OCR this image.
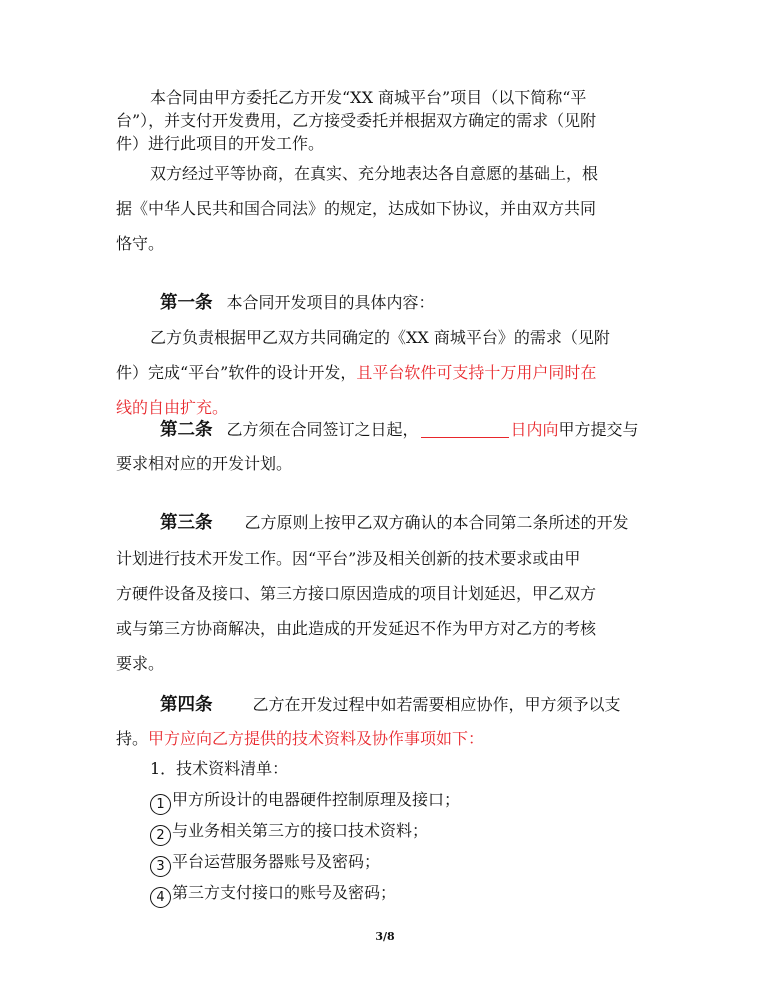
本合同由甲方委托乙方开发“XX 商城平台”项目（以下简称“平
台”），并支付开发费用，乙方接受委托并根据双方确定的需求（见附
件）进行此项目的开发工作。
双方经过平等协商，在真实、充分地表达各自意愿的基础上，根
据《中华人民共和国合同法》的规定，达成如下协议，并由双方共同
恪守。
第一条 本合同开发项目的具体内容：
乙方负责根据甲乙双方共同确定的《XX 商城平台》的需求（见附
件）完成“平台”软件的设计开发，且平台软件可支持十万用户同时在
线的自由扩充。
第二条 乙方须在合同签订之日起，	日内向甲方提交与
要求相对应的开发计划。
第三条 乙方原则上按甲乙双方确认的本合同第二条所述的开发
计划进行技术开发工作。因“平台”涉及相关创新的技术要求或由甲
方硬件设备及接口、第三方接口原因造成的项目计划延迟，甲乙双方
或与第三方协商解决，由此造成的开发延迟不作为甲方对乙方的考核
要求。
第四条	乙方在开发过程中如若需要相应协作，甲方须予以支
持。甲方应向乙方提供的技术资料及协作事项如下：
1．技术资料清单：
1 甲方所设计的电器硬件控制原理及接口；
2 与业务相关第三方的接口技术资料；
3 平台运营服务器账号及密码；
4 第三方支付接口的账号及密码；
3/8
